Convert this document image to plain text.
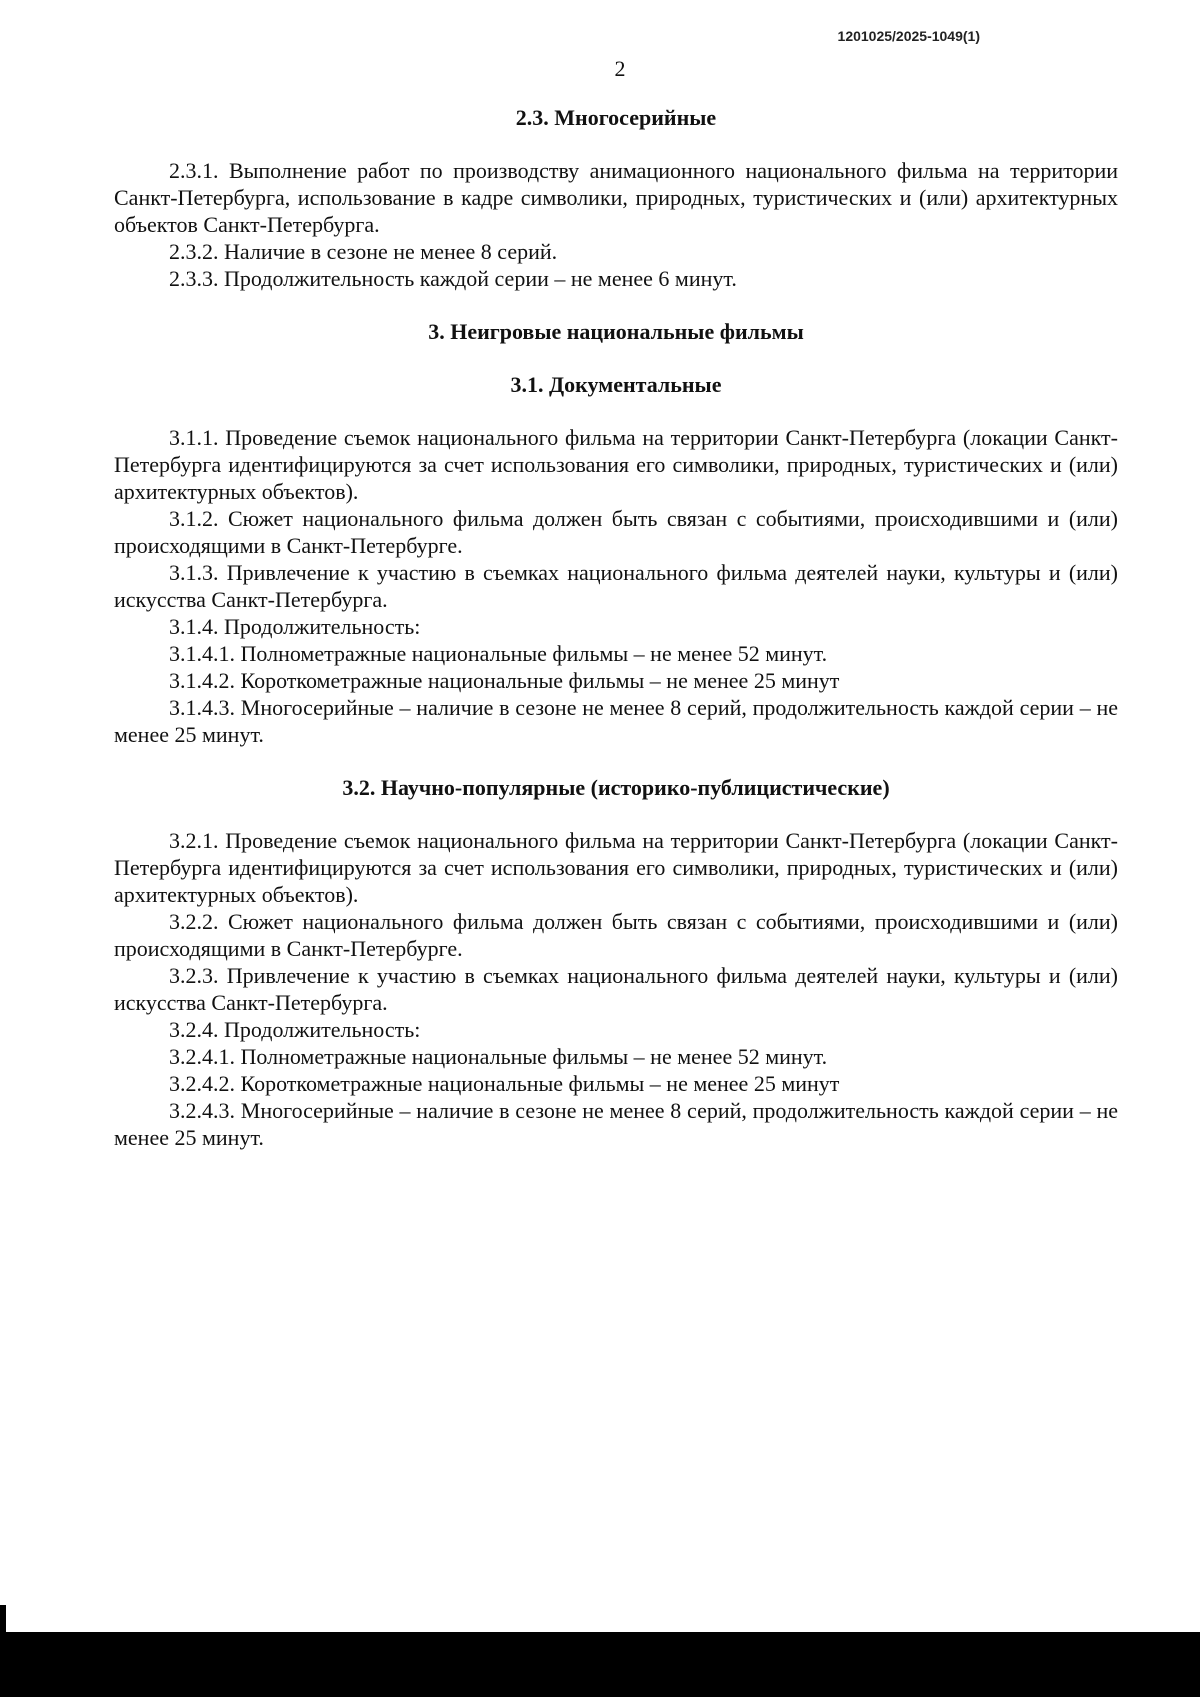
1201025/2025-1049(1)
2

2.3. Многосерийные

2.3.1. Выполнение работ по производству анимационного национального фильма на территории Санкт-Петербурга, использование в кадре символики, природных, туристических и (или) архитектурных объектов Санкт-Петербурга.

2.3.2. Наличие в сезоне не менее 8 серий.

2.3.3. Продолжительность каждой серии – не менее 6 минут.

3. Неигровые национальные фильмы

3.1. Документальные

3.1.1. Проведение съемок национального фильма на территории Санкт-Петербурга (локации Санкт-Петербурга идентифицируются за счет использования его символики, природных, туристических и (или) архитектурных объектов).

3.1.2. Сюжет национального фильма должен быть связан с событиями, происходившими и (или) происходящими в Санкт-Петербурге.

3.1.3. Привлечение к участию в съемках национального фильма деятелей науки, культуры и (или) искусства Санкт-Петербурга.

3.1.4. Продолжительность:

3.1.4.1. Полнометражные национальные фильмы – не менее 52 минут.

3.1.4.2. Короткометражные национальные фильмы – не менее 25 минут

3.1.4.3. Многосерийные – наличие в сезоне не менее 8 серий, продолжительность каждой серии – не менее 25 минут.

3.2. Научно-популярные (историко-публицистические)

3.2.1. Проведение съемок национального фильма на территории Санкт-Петербурга (локации Санкт-Петербурга идентифицируются за счет использования его символики, природных, туристических и (или) архитектурных объектов).

3.2.2. Сюжет национального фильма должен быть связан с событиями, происходившими и (или) происходящими в Санкт-Петербурге.

3.2.3. Привлечение к участию в съемках национального фильма деятелей науки, культуры и (или) искусства Санкт-Петербурга.

3.2.4. Продолжительность:

3.2.4.1. Полнометражные национальные фильмы – не менее 52 минут.

3.2.4.2. Короткометражные национальные фильмы – не менее 25 минут

3.2.4.3. Многосерийные – наличие в сезоне не менее 8 серий, продолжительность каждой серии – не менее 25 минут.
